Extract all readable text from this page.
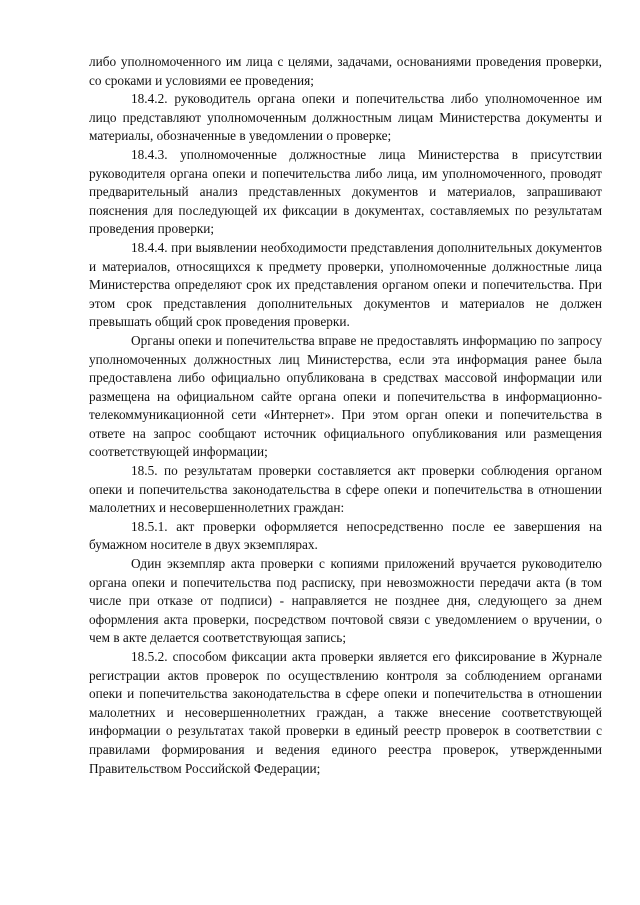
либо уполномоченного им лица с целями, задачами, основаниями проведения проверки, со сроками и условиями ее проведения;

18.4.2. руководитель органа опеки и попечительства либо уполномоченное им лицо представляют уполномоченным должностным лицам Министерства документы и материалы, обозначенные в уведомлении о проверке;

18.4.3. уполномоченные должностные лица Министерства в присутствии руководителя органа опеки и попечительства либо лица, им уполномоченного, проводят предварительный анализ представленных документов и материалов, запрашивают пояснения для последующей их фиксации в документах, составляемых по результатам проведения проверки;

18.4.4. при выявлении необходимости представления дополнительных документов и материалов, относящихся к предмету проверки, уполномоченные должностные лица Министерства определяют срок их представления органом опеки и попечительства. При этом срок представления дополнительных документов и материалов не должен превышать общий срок проведения проверки.

Органы опеки и попечительства вправе не предоставлять информацию по запросу уполномоченных должностных лиц Министерства, если эта информация ранее была предоставлена либо официально опубликована в средствах массовой информации или размещена на официальном сайте органа опеки и попечительства в информационно-телекоммуникационной сети «Интернет». При этом орган опеки и попечительства в ответе на запрос сообщают источник официального опубликования или размещения соответствующей информации;

18.5. по результатам проверки составляется акт проверки соблюдения органом опеки и попечительства законодательства в сфере опеки и попечительства в отношении малолетних и несовершеннолетних граждан:

18.5.1. акт проверки оформляется непосредственно после ее завершения на бумажном носителе в двух экземплярах.

Один экземпляр акта проверки с копиями приложений вручается руководителю органа опеки и попечительства под расписку, при невозможности передачи акта (в том числе при отказе от подписи) - направляется не позднее дня, следующего за днем оформления акта проверки, посредством почтовой связи с уведомлением о вручении, о чем в акте делается соответствующая запись;

18.5.2. способом фиксации акта проверки является его фиксирование в Журнале регистрации актов проверок по осуществлению контроля за соблюдением органами опеки и попечительства законодательства в сфере опеки и попечительства в отношении малолетних и несовершеннолетних граждан, а также внесение соответствующей информации о результатах такой проверки в единый реестр проверок в соответствии с правилами формирования и ведения единого реестра проверок, утвержденными Правительством Российской Федерации;
